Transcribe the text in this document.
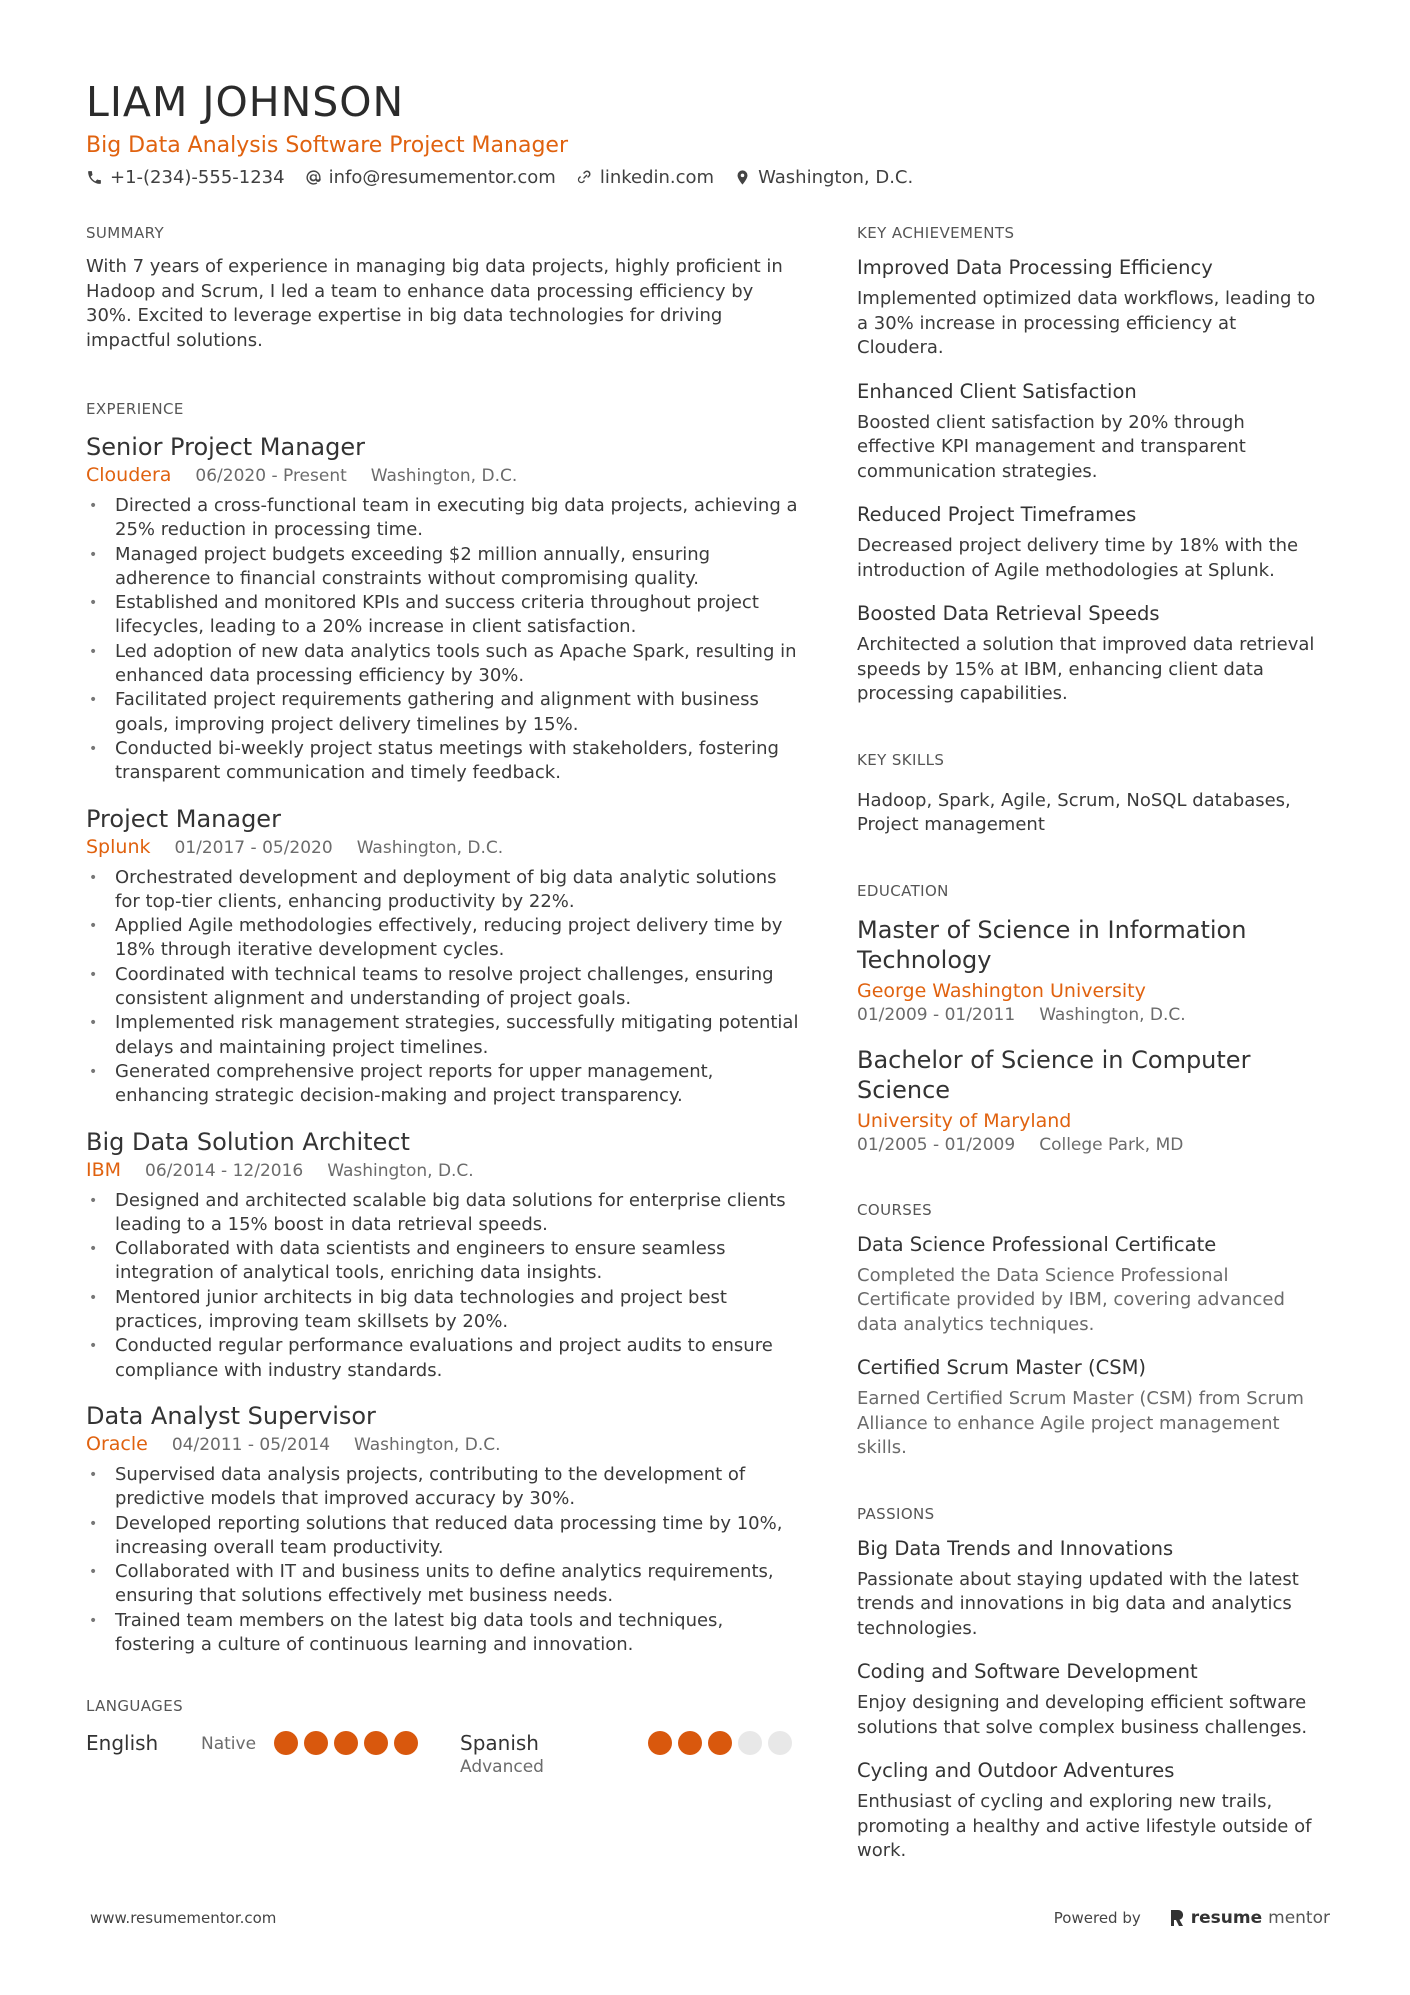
LIAM JOHNSON
Big Data Analysis Software Project Manager
+1-(234)-555-1234 info@resumementor.com linkedin.com Washington, D.C.
SUMMARY
With 7 years of experience in managing big data projects, highly proficient in Hadoop and Scrum, I led a team to enhance data processing efficiency by 30%. Excited to leverage expertise in big data technologies for driving impactful solutions.
EXPERIENCE
Senior Project Manager
Cloudera 06/2020 - Present Washington, D.C.
• Directed a cross-functional team in executing big data projects, achieving a 25% reduction in processing time.
• Managed project budgets exceeding $2 million annually, ensuring adherence to financial constraints without compromising quality.
• Established and monitored KPIs and success criteria throughout project lifecycles, leading to a 20% increase in client satisfaction.
• Led adoption of new data analytics tools such as Apache Spark, resulting in enhanced data processing efficiency by 30%.
• Facilitated project requirements gathering and alignment with business goals, improving project delivery timelines by 15%.
• Conducted bi-weekly project status meetings with stakeholders, fostering transparent communication and timely feedback.
Project Manager
Splunk 01/2017 - 05/2020 Washington, D.C.
• Orchestrated development and deployment of big data analytic solutions for top-tier clients, enhancing productivity by 22%.
• Applied Agile methodologies effectively, reducing project delivery time by 18% through iterative development cycles.
• Coordinated with technical teams to resolve project challenges, ensuring consistent alignment and understanding of project goals.
• Implemented risk management strategies, successfully mitigating potential delays and maintaining project timelines.
• Generated comprehensive project reports for upper management, enhancing strategic decision-making and project transparency.
Big Data Solution Architect
IBM 06/2014 - 12/2016 Washington, D.C.
• Designed and architected scalable big data solutions for enterprise clients leading to a 15% boost in data retrieval speeds.
• Collaborated with data scientists and engineers to ensure seamless integration of analytical tools, enriching data insights.
• Mentored junior architects in big data technologies and project best practices, improving team skillsets by 20%.
• Conducted regular performance evaluations and project audits to ensure compliance with industry standards.
Data Analyst Supervisor
Oracle 04/2011 - 05/2014 Washington, D.C.
• Supervised data analysis projects, contributing to the development of predictive models that improved accuracy by 30%.
• Developed reporting solutions that reduced data processing time by 10%, increasing overall team productivity.
• Collaborated with IT and business units to define analytics requirements, ensuring that solutions effectively met business needs.
• Trained team members on the latest big data tools and techniques, fostering a culture of continuous learning and innovation.
LANGUAGES
English	Native	Spanish
Advanced
KEY ACHIEVEMENTS
Improved Data Processing Efficiency
Implemented optimized data workflows, leading to a 30% increase in processing efficiency at Cloudera.
Enhanced Client Satisfaction
Boosted client satisfaction by 20% through effective KPI management and transparent communication strategies.
Reduced Project Timeframes
Decreased project delivery time by 18% with the introduction of Agile methodologies at Splunk.
Boosted Data Retrieval Speeds
Architected a solution that improved data retrieval speeds by 15% at IBM, enhancing client data processing capabilities.
KEY SKILLS
Hadoop, Spark, Agile, Scrum, NoSQL databases, Project management
EDUCATION
Master of Science in Information Technology
George Washington University
01/2009 - 01/2011 Washington, D.C.
Bachelor of Science in Computer Science
University of Maryland
01/2005 - 01/2009 College Park, MD
COURSES
Data Science Professional Certificate
Completed the Data Science Professional Certificate provided by IBM, covering advanced data analytics techniques.
Certified Scrum Master (CSM)
Earned Certified Scrum Master (CSM) from Scrum Alliance to enhance Agile project management skills.
PASSIONS
Big Data Trends and Innovations
Passionate about staying updated with the latest trends and innovations in big data and analytics technologies.
Coding and Software Development
Enjoy designing and developing efficient software solutions that solve complex business challenges.
Cycling and Outdoor Adventures
Enthusiast of cycling and exploring new trails, promoting a healthy and active lifestyle outside of work.
www.resumementor.com	Powered by	resume mentor
